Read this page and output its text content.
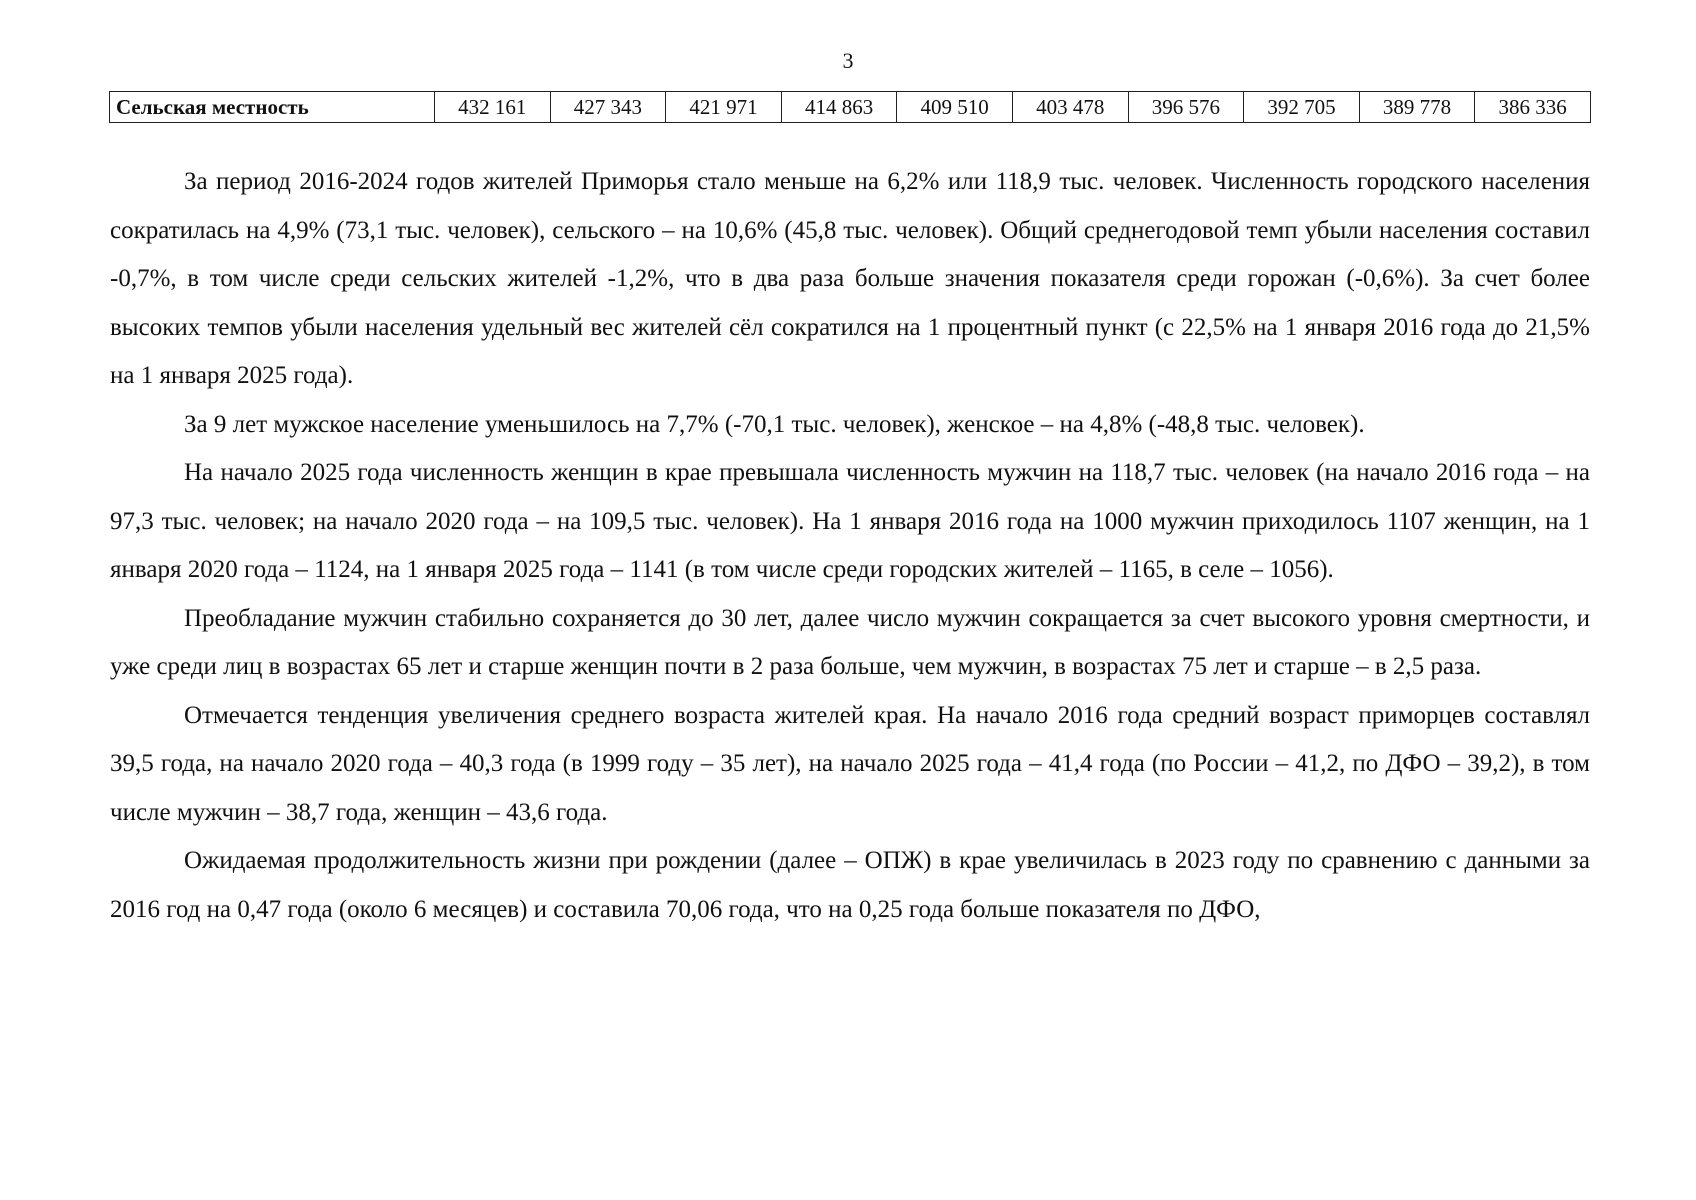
3
Сельская местность	432 161	427 343	421 971	414 863	409 510	403 478	396 576	392 705	389 778	386 336

За период 2016-2024 годов жителей Приморья стало меньше на 6,2% или 118,9 тыс. человек. Численность городского населения сократилась на 4,9% (73,1 тыс. человек), сельского – на 10,6% (45,8 тыс. человек). Общий среднегодовой темп убыли населения составил -0,7%, в том числе среди сельских жителей -1,2%, что в два раза больше значения показателя среди горожан (-0,6%). За счет более высоких темпов убыли населения удельный вес жителей сёл сократился на 1 процентный пункт (с 22,5% на 1 января 2016 года до 21,5% на 1 января 2025 года).

За 9 лет мужское население уменьшилось на 7,7% (-70,1 тыс. человек), женское – на 4,8% (-48,8 тыс. человек).

На начало 2025 года численность женщин в крае превышала численность мужчин на 118,7 тыс. человек (на начало 2016 года – на 97,3 тыс. человек; на начало 2020 года – на 109,5 тыс. человек). На 1 января 2016 года на 1000 мужчин приходилось 1107 женщин, на 1 января 2020 года – 1124, на 1 января 2025 года – 1141 (в том числе среди городских жителей – 1165, в селе – 1056).

Преобладание мужчин стабильно сохраняется до 30 лет, далее число мужчин сокращается за счет высокого уровня смертности, и уже среди лиц в возрастах 65 лет и старше женщин почти в 2 раза больше, чем мужчин, в возрастах 75 лет и старше – в 2,5 раза.

Отмечается тенденция увеличения среднего возраста жителей края. На начало 2016 года средний возраст приморцев составлял 39,5 года, на начало 2020 года – 40,3 года (в 1999 году – 35 лет), на начало 2025 года – 41,4 года (по России – 41,2, по ДФО – 39,2), в том числе мужчин – 38,7 года, женщин – 43,6 года.

Ожидаемая продолжительность жизни при рождении (далее – ОПЖ) в крае увеличилась в 2023 году по сравнению с данными за 2016 год на 0,47 года (около 6 месяцев) и составила 70,06 года, что на 0,25 года больше показателя по ДФО,
